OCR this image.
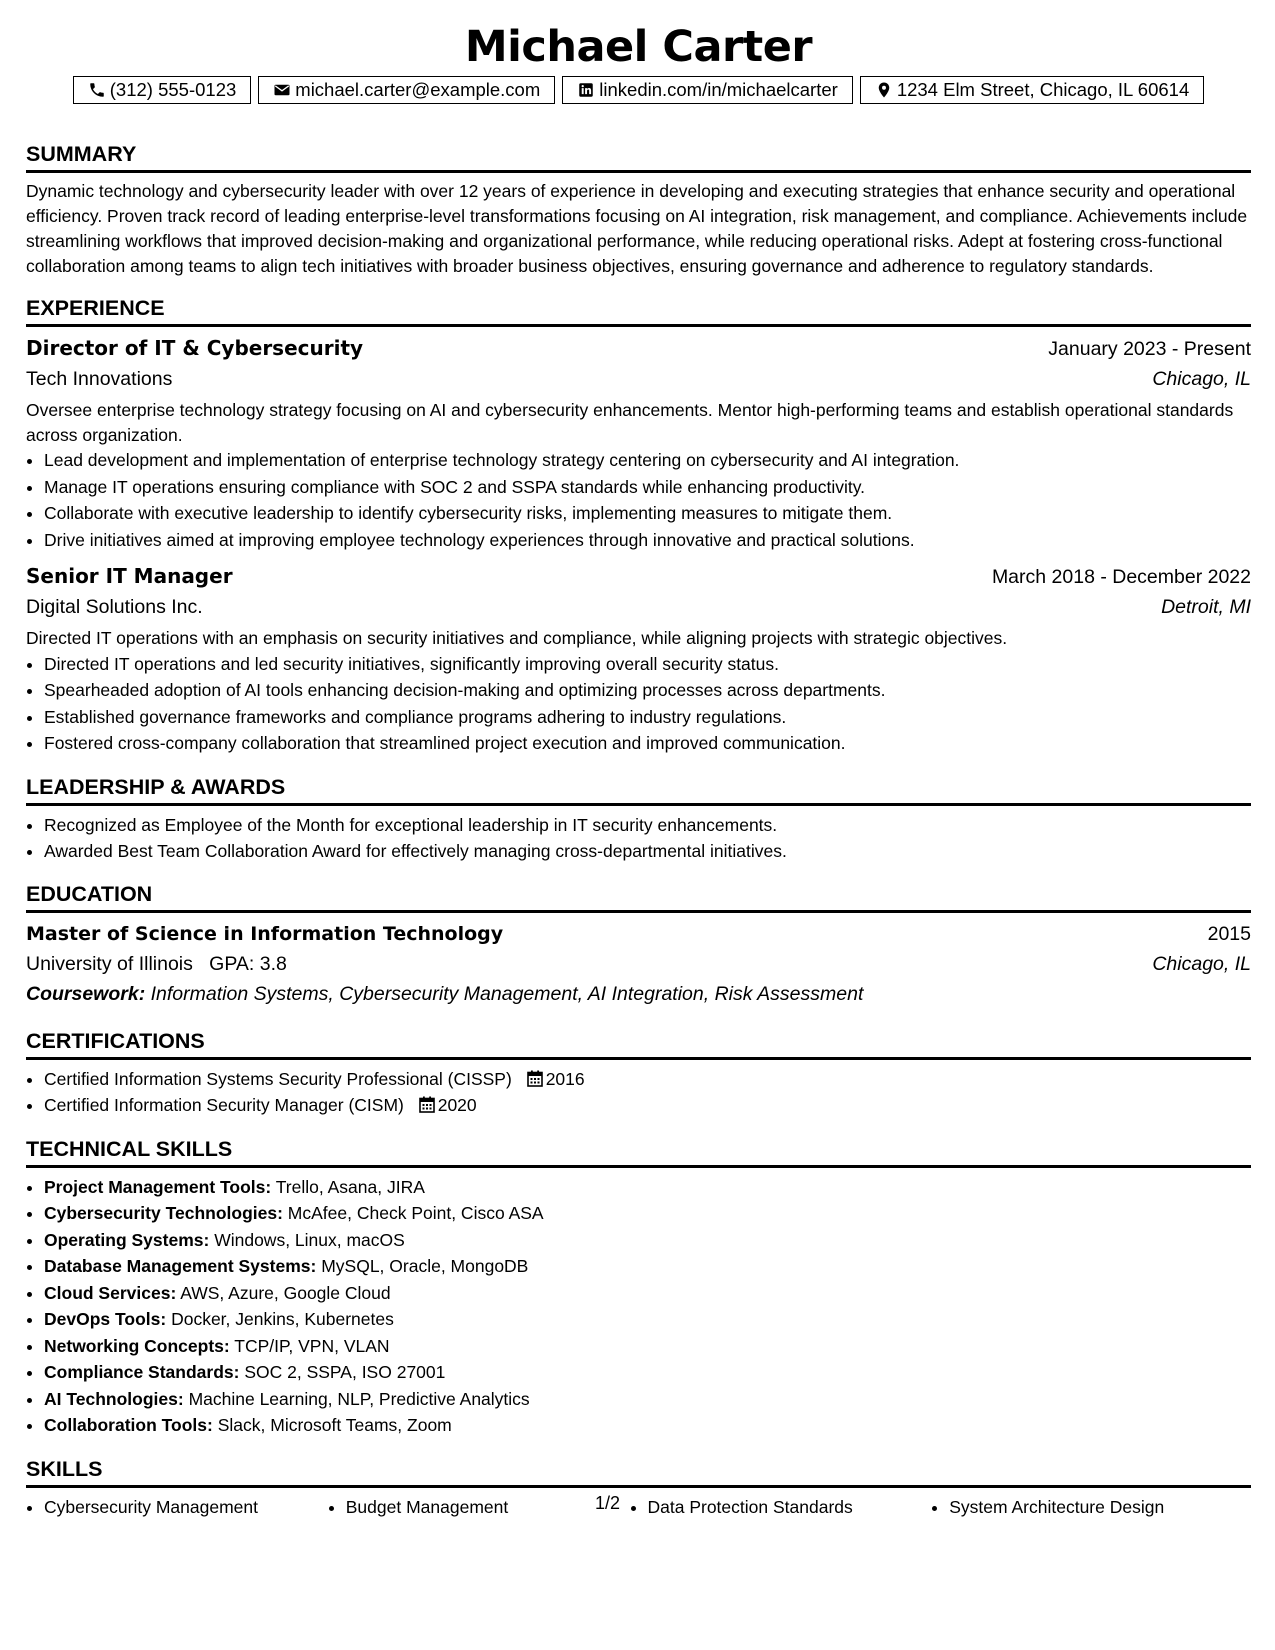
Michael Carter
(312) 555-0123	michael.carter@example.com	linkedin.com/in/michaelcarter	1234 Elm Street, Chicago, IL 60614
SUMMARY
Dynamic technology and cybersecurity leader with over 12 years of experience in developing and executing strategies that enhance security and operational efficiency. Proven track record of leading enterprise-level transformations focusing on AI integration, risk management, and compliance. Achievements include streamlining workflows that improved decision-making and organizational performance, while reducing operational risks. Adept at fostering cross-functional collaboration among teams to align tech initiatives with broader business objectives, ensuring governance and adherence to regulatory standards.
EXPERIENCE
Director of IT & Cybersecurity	January 2023 - Present
Tech Innovations	Chicago, IL
Oversee enterprise technology strategy focusing on AI and cybersecurity enhancements. Mentor high-performing teams and establish operational standards across organization.
• Lead development and implementation of enterprise technology strategy centering on cybersecurity and AI integration.
• Manage IT operations ensuring compliance with SOC 2 and SSPA standards while enhancing productivity.
• Collaborate with executive leadership to identify cybersecurity risks, implementing measures to mitigate them.
• Drive initiatives aimed at improving employee technology experiences through innovative and practical solutions.
Senior IT Manager	March 2018 - December 2022
Digital Solutions Inc.	Detroit, MI
Directed IT operations with an emphasis on security initiatives and compliance, while aligning projects with strategic objectives.
• Directed IT operations and led security initiatives, significantly improving overall security status.
• Spearheaded adoption of AI tools enhancing decision-making and optimizing processes across departments.
• Established governance frameworks and compliance programs adhering to industry regulations.
• Fostered cross-company collaboration that streamlined project execution and improved communication.
LEADERSHIP & AWARDS
• Recognized as Employee of the Month for exceptional leadership in IT security enhancements.
• Awarded Best Team Collaboration Award for effectively managing cross-departmental initiatives.
EDUCATION
Master of Science in Information Technology	2015
University of Illinois GPA: 3.8	Chicago, IL
Coursework: Information Systems, Cybersecurity Management, AI Integration, Risk Assessment
CERTIFICATIONS
• Certified Information Systems Security Professional (CISSP) 2016
• Certified Information Security Manager (CISM) 2020
TECHNICAL SKILLS
• Project Management Tools: Trello, Asana, JIRA
• Cybersecurity Technologies: McAfee, Check Point, Cisco ASA
• Operating Systems: Windows, Linux, macOS
• Database Management Systems: MySQL, Oracle, MongoDB
• Cloud Services: AWS, Azure, Google Cloud
• DevOps Tools: Docker, Jenkins, Kubernetes
• Networking Concepts: TCP/IP, VPN, VLAN
• Compliance Standards: SOC 2, SSPA, ISO 27001
• AI Technologies: Machine Learning, NLP, Predictive Analytics
• Collaboration Tools: Slack, Microsoft Teams, Zoom
SKILLS
• Cybersecurity Management	• Budget Management	• Data Protection Standards	• System Architecture Design
1/2
